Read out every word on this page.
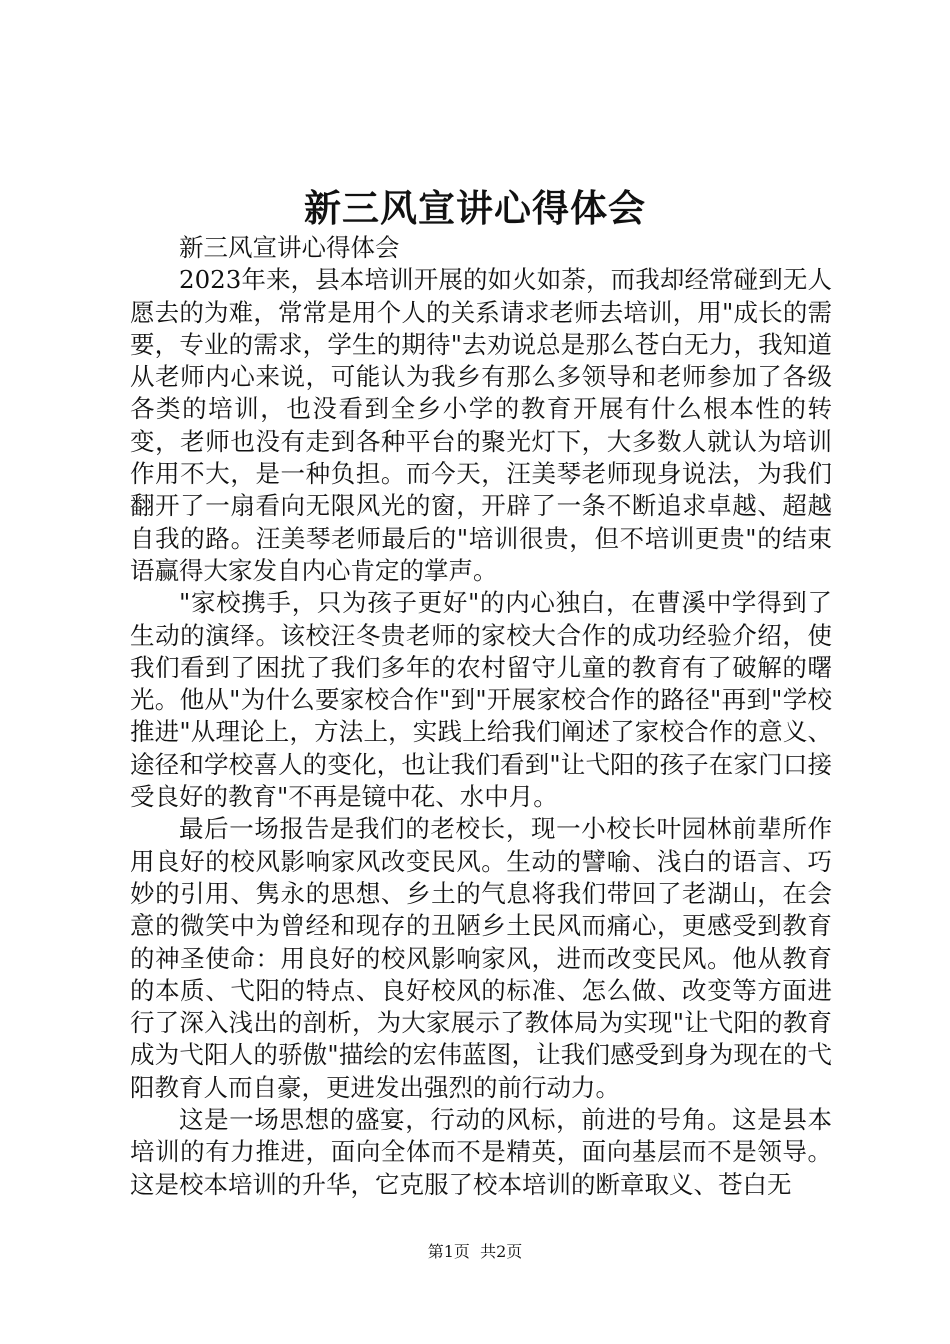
新三风宣讲心得体会

新三风宣讲心得体会

2023年来，县本培训开展的如火如荼，而我却经常碰到无人愿去的为难，常常是用个人的关系请求老师去培训，用"成长的需要，专业的需求，学生的期待"去劝说总是那么苍白无力，我知道从老师内心来说，可能认为我乡有那么多领导和老师参加了各级各类的培训，也没看到全乡小学的教育开展有什么根本性的转变，老师也没有走到各种平台的聚光灯下，大多数人就认为培训作用不大，是一种负担。而今天，汪美琴老师现身说法，为我们翻开了一扇看向无限风光的窗，开辟了一条不断追求卓越、超越自我的路。汪美琴老师最后的"培训很贵，但不培训更贵"的结束语赢得大家发自内心肯定的掌声。

"家校携手，只为孩子更好"的内心独白，在曹溪中学得到了生动的演绎。该校汪冬贵老师的家校大合作的成功经验介绍，使我们看到了困扰了我们多年的农村留守儿童的教育有了破解的曙光。他从"为什么要家校合作"到"开展家校合作的路径"再到"学校推进"从理论上，方法上，实践上给我们阐述了家校合作的意义、途径和学校喜人的变化，也让我们看到"让弋阳的孩子在家门口接受良好的教育"不再是镜中花、水中月。

最后一场报告是我们的老校长，现一小校长叶园林前辈所作用良好的校风影响家风改变民风。生动的譬喻、浅白的语言、巧妙的引用、隽永的思想、乡土的气息将我们带回了老湖山，在会意的微笑中为曾经和现存的丑陋乡土民风而痛心，更感受到教育的神圣使命：用良好的校风影响家风，进而改变民风。他从教育的本质、弋阳的特点、良好校风的标准、怎么做、改变等方面进行了深入浅出的剖析，为大家展示了教体局为实现"让弋阳的教育成为弋阳人的骄傲"描绘的宏伟蓝图，让我们感受到身为现在的弋阳教育人而自豪，更进发出强烈的前行动力。

这是一场思想的盛宴，行动的风标，前进的号角。这是县本培训的有力推进，面向全体而不是精英，面向基层而不是领导。这是校本培训的升华，它克服了校本培训的断章取义、苍白无

第1页 共2页
